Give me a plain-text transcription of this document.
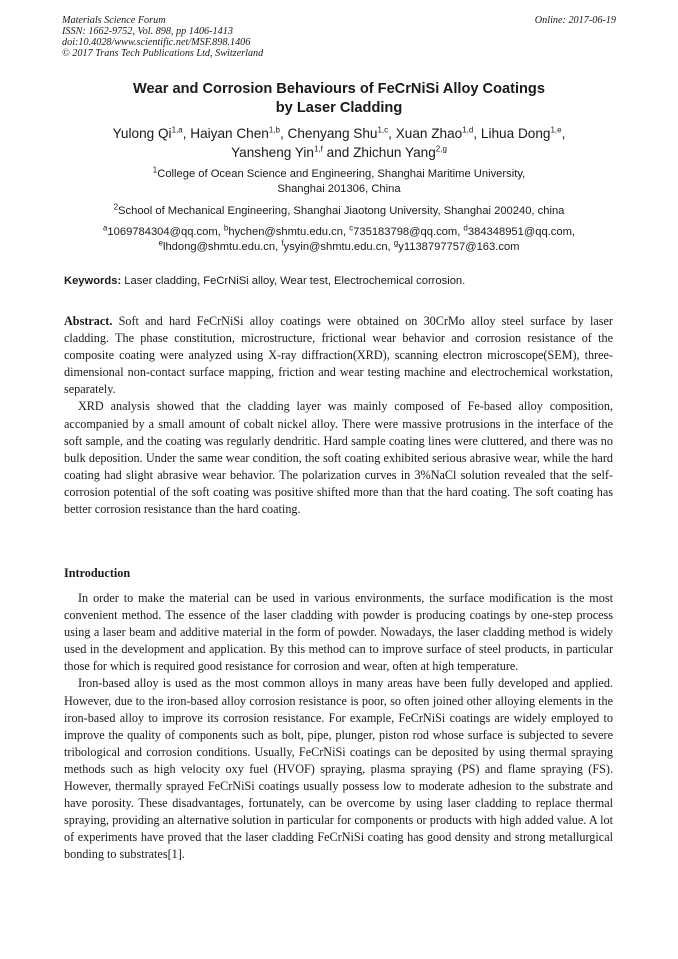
Materials Science Forum
ISSN: 1662-9752, Vol. 898, pp 1406-1413
doi:10.4028/www.scientific.net/MSF.898.1406
© 2017 Trans Tech Publications Ltd, Switzerland
Online: 2017-06-19
Wear and Corrosion Behaviours of FeCrNiSi Alloy Coatings
by Laser Cladding
Yulong Qi$^{1,a}$, Haiyan Chen$^{1,b}$, Chenyang Shu$^{1,c}$, Xuan Zhao$^{1,d}$, Lihua Dong$^{1,e}$,
Yansheng Yin$^{1,f}$ and Zhichun Yang$^{2,g}$
$^1$College of Ocean Science and Engineering, Shanghai Maritime University,
Shanghai 201306, China
$^2$School of Mechanical Engineering, Shanghai Jiaotong University, Shanghai 200240, china
$^a$1069784304@qq.com, $^b$hychen@shmtu.edu.cn, $^c$735183798@qq.com, $^d$384348951@qq.com,
$^e$lhdong@shmtu.edu.cn, $^f$ysyin@shmtu.edu.cn, $^g$y1138797757@163.com
Keywords: Laser cladding, FeCrNiSi alloy, Wear test, Electrochemical corrosion.

Abstract. Soft and hard FeCrNiSi alloy coatings were obtained on 30CrMo alloy steel surface by laser cladding. The phase constitution, microstructure, frictional wear behavior and corrosion resistance of the composite coating were analyzed using X-ray diffraction(XRD), scanning electron microscope(SEM), three-dimensional non-contact surface mapping, friction and wear testing machine and electrochemical workstation, separately.

XRD analysis showed that the cladding layer was mainly composed of Fe-based alloy composition, accompanied by a small amount of cobalt nickel alloy. There were massive protrusions in the interface of the soft sample, and the coating was regularly dendritic. Hard sample coating lines were cluttered, and there was no bulk deposition. Under the same wear condition, the soft coating exhibited serious abrasive wear, while the hard coating had slight abrasive wear behavior. The polarization curves in 3%NaCl solution revealed that the self-corrosion potential of the soft coating was positive shifted more than that the hard coating. The soft coating has better corrosion resistance than the hard coating.

Introduction

In order to make the material can be used in various environments, the surface modification is the most convenient method. The essence of the laser cladding with powder is producing coatings by one-step process using a laser beam and additive material in the form of powder. Nowadays, the laser cladding method is widely used in the development and application. By this method can to improve surface of steel products, in particular those for which is required good resistance for corrosion and wear, often at high temperature.

Iron-based alloy is used as the most common alloys in many areas have been fully developed and applied. However, due to the iron-based alloy corrosion resistance is poor, so often joined other alloying elements in the iron-based alloy to improve its corrosion resistance. For example, FeCrNiSi coatings are widely employed to improve the quality of components such as bolt, pipe, plunger, piston rod whose surface is subjected to severe tribological and corrosion conditions. Usually, FeCrNiSi coatings can be deposited by using thermal spraying methods such as high velocity oxy fuel (HVOF) spraying, plasma spraying (PS) and flame spraying (FS). However, thermally sprayed FeCrNiSi coatings usually possess low to moderate adhesion to the substrate and have porosity. These disadvantages, fortunately, can be overcome by using laser cladding to replace thermal spraying, providing an alternative solution in particular for components or products with high added value. A lot of experiments have proved that the laser cladding FeCrNiSi coating has good density and strong metallurgical bonding to substrates[1].
